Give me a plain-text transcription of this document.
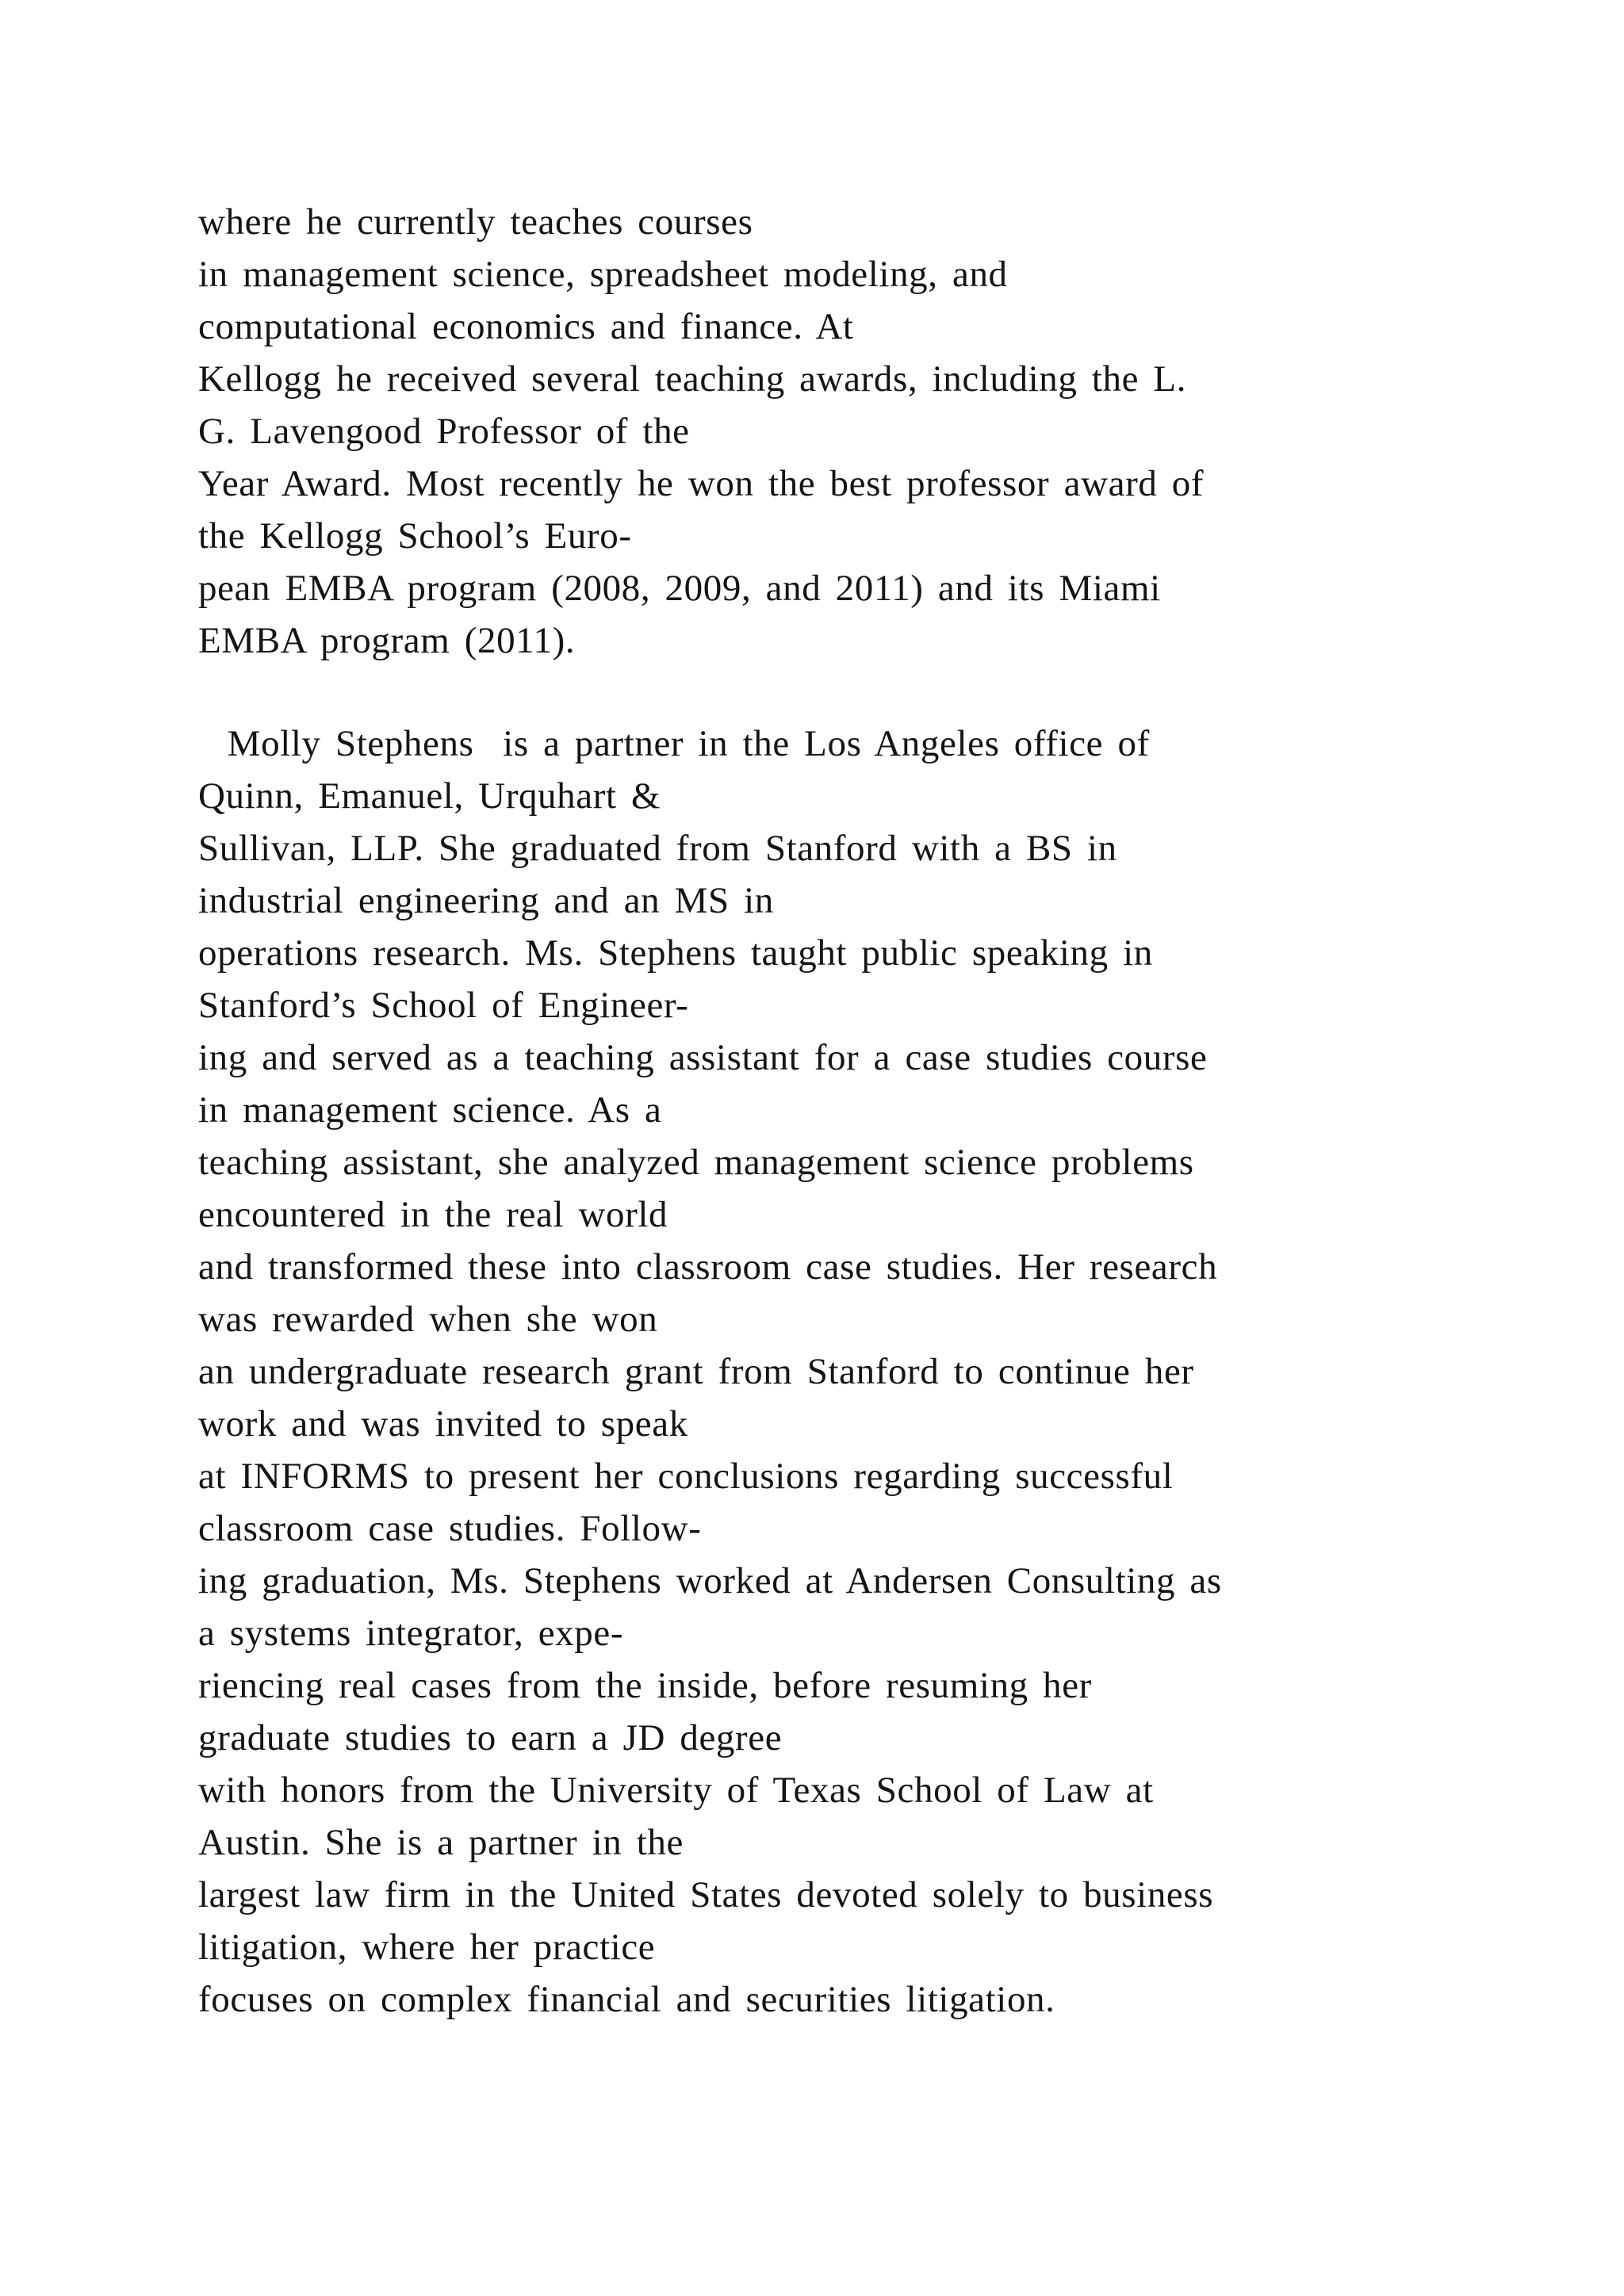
where he currently teaches courses
in management science, spreadsheet modeling, and
computational economics and finance. At
Kellogg he received several teaching awards, including the L.
G. Lavengood Professor of the
Year Award. Most recently he won the best professor award of
the Kellogg School’s Euro-
pean EMBA program (2008, 2009, and 2011) and its Miami
EMBA program (2011).
Molly Stephens  is a partner in the Los Angeles office of
Quinn, Emanuel, Urquhart &
Sullivan, LLP. She graduated from Stanford with a BS in
industrial engineering and an MS in
operations research. Ms. Stephens taught public speaking in
Stanford’s School of Engineer-
ing and served as a teaching assistant for a case studies course
in management science. As a
teaching assistant, she analyzed management science problems
encountered in the real world
and transformed these into classroom case studies. Her research
was rewarded when she won
an undergraduate research grant from Stanford to continue her
work and was invited to speak
at INFORMS to present her conclusions regarding successful
classroom case studies. Follow-
ing graduation, Ms. Stephens worked at Andersen Consulting as
a systems integrator, expe-
riencing real cases from the inside, before resuming her
graduate studies to earn a JD degree
with honors from the University of Texas School of Law at
Austin. She is a partner in the
largest law firm in the United States devoted solely to business
litigation, where her practice
focuses on complex financial and securities litigation.
